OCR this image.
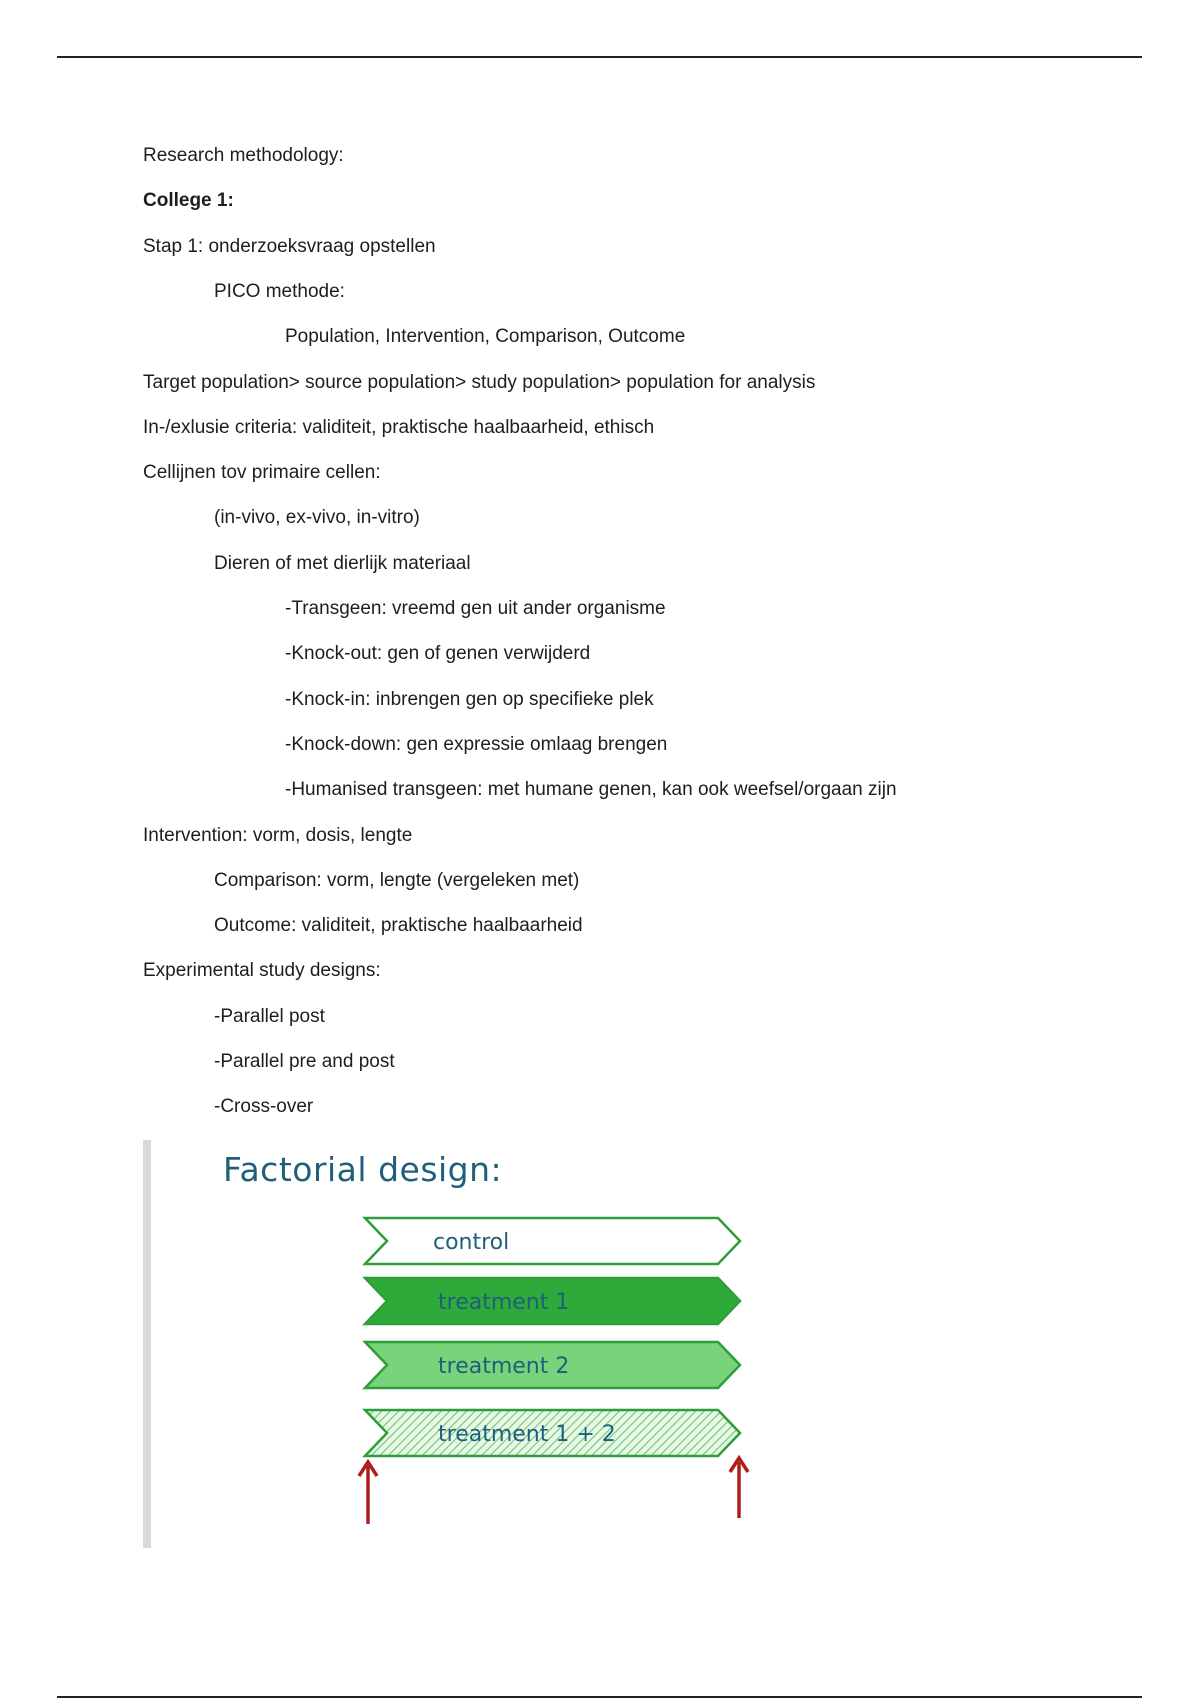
Research methodology:
College 1:
Stap 1: onderzoeksvraag opstellen
PICO methode:
Population, Intervention, Comparison, Outcome
Target population> source population> study population> population for analysis
In-/exlusie criteria: validiteit, praktische haalbaarheid, ethisch
Cellijnen tov primaire cellen:
(in-vivo, ex-vivo, in-vitro)
Dieren of met dierlijk materiaal
-Transgeen: vreemd gen uit ander organisme
-Knock-out: gen of genen verwijderd
-Knock-in: inbrengen gen op specifieke plek
-Knock-down: gen expressie omlaag brengen
-Humanised transgeen: met humane genen, kan ook weefsel/orgaan zijn
Intervention: vorm, dosis, lengte
Comparison: vorm, lengte (vergeleken met)
Outcome: validiteit, praktische haalbaarheid
Experimental study designs:
-Parallel post
-Parallel pre and post
-Cross-over
Factorial design:
control
treatment 1
treatment 2
treatment 1 + 2
